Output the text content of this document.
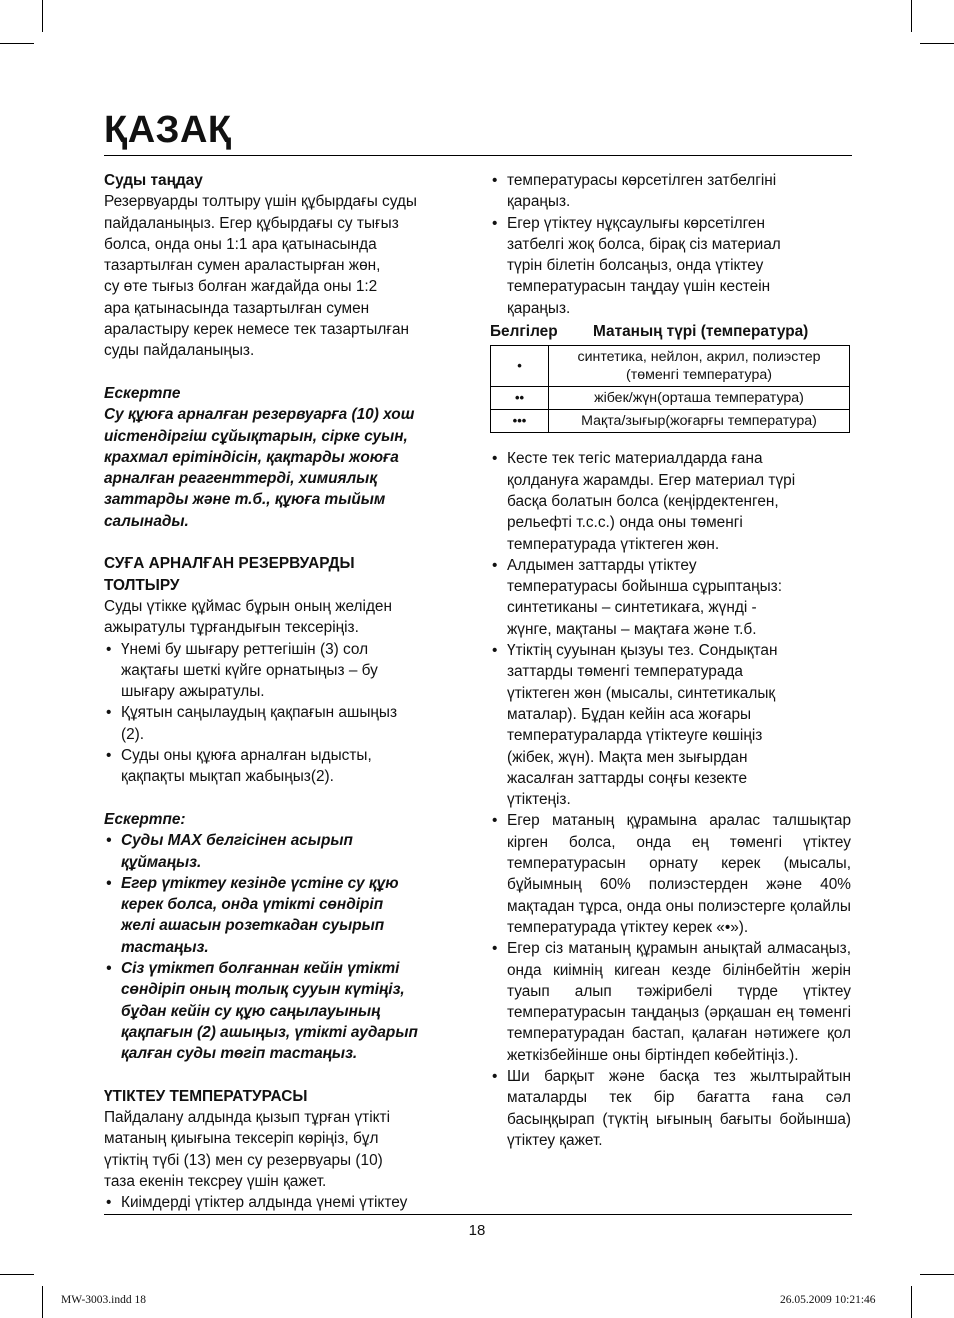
ҚАЗАҚ

Суды таңдау

Резервуарды толтыру үшін құбырдағы суды
пайдаланыңыз. Егер құбырдағы су тығыз
болса, онда оны 1:1 ара қатынасында
тазартылған сумен араластырған жөн,
су өте тығыз болған жағдайда оны 1:2
ара қатынасында тазартылған сумен
араластыру керек немесе тек тазартылған
суды пайдаланыңыз.

Ескертпе

Су құюға арналған резервуарға (10) хош
иістендіргіш сұйықтарын, сірке суын,
крахмал ерітіндісін, қақтарды жоюға
арналған реагенттерді, химиялық
заттарды және т.б., құюға тыйым
салынады.
СУҒА АРНАЛҒАН РЕЗЕРВУАРДЫ
ТОЛТЫРУ
Суды үтікке құймас бұрын оның желіден
ажыратулы тұрғандығын тексеріңіз.
• Үнемі бу шығару реттегішін (3) сол
жақтағы шеткі күйге орнатыңыз – бу
шығару ажыратулы.
• Құятын саңылаудың қақпағын ашыңыз
(2).
• Суды оны құюға арналған ыдысты,
қақпақты мықтап жабыңыз(2).

Ескертпе:

• Суды MAX белгісінен асырып
құймаңыз.
• Егер үтіктеу кезінде үстіне су құю
керек болса, онда үтікті сөндіріп
желі ашасын розеткадан суырып
тастаңыз.
• Сіз үтіктеп болғаннан кейін үтікті
сөндіріп оның толық сууын күтіңіз,
бұдан кейін су құю саңылауының
қақпағын (2) ашыңыз, үтікті аударып
қалған суды төгіп тастаңыз.

ҮТІКТЕУ ТЕМПЕРАТУРАСЫ

Пайдалану алдында қызып тұрған үтікті
матаның қиығына тексеріп көріңіз, бұл
үтіктің түбі (13) мен су резервуары (10)
таза екенін тексреу үшін қажет.
• Киімдерді үтіктер алдында үнемі үтіктеу
• температурасы көрсетілген затбелгіні
қараңыз.
• Егер үтіктеу нұқсаулығы көрсетілген
затбелгі жоқ болса, бірақ сіз материал
түрін білетін болсаңыз, онда үтіктеу
температурасын таңдау үшін кестеін
қараңыз.
Белгілер	Матаның түрі (температура)
•	синтетика, нейлон, акрил, полиэстер
(төменгі температура)

••	жібек/жүн(орташа температура)

•••	Мақта/зығыр(жоғарғы температура)
• Кесте тек тегіс материалдарда ғана
қолдануға жарамды. Егер материал түрі
басқа болатын болса (кеңірдектенген,
рельефті т.с.с.) онда оны төменгі
температурада үтіктеген жөн.
• Алдымен заттарды үтіктеу
температурасы бойынша сұрыптаңыз:
синтетиканы – синтетикаға, жүнді -
жүнге, мақтаны – мақтаға және т.б.
• Үтіктің сууынан қызуы тез. Сондықтан
заттарды төменгі температурада
үтіктеген жөн (мысалы, синтетикалық
маталар). Бұдан кейін аса жоғары
температураларда үтіктеуге көшіңіз
(жібек, жүн). Мақта мен зығырдан
жасалған заттарды соңғы кезекте
үтіктеңіз.
• Егер матаның құрамына аралас талшықтар кірген болса, онда ең төменгі үтіктеу температурасын орнату керек (мысалы, бұйымның 60% полиэстерден және 40% мақтадан тұрса, онда оны полиэстерге қолайлы температурада үтіктеу керек «•»).
• Егер сіз матаның құрамын анықтай алмасаңыз, онда киімнің кигеан кезде білінбейтін жерін туаып алып тәжірибелі түрде үтіктеу температурасын таңдаңыз (әрқашан ең төменгі температурадан бастап, қалаған нәтижеге қол жеткізбейінше оны біртіндеп көбейтіңіз.).
• Ши барқыт және басқа тез жылтырайтын маталарды тек бір бағатта ғана сәл басыңқырап (түктің ығының бағыты бойынша) үтіктеу қажет.
18
MW-3003.indd 18	26.05.2009 10:21:46
